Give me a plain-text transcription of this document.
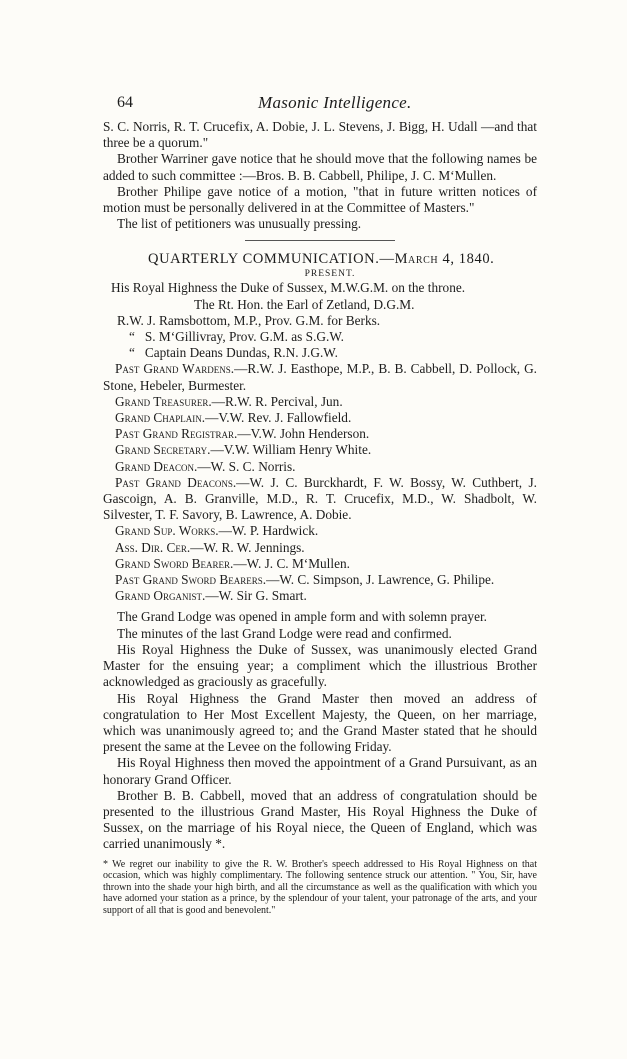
64	Masonic Intelligence.

S. C. Norris, R. T. Crucefix, A. Dobie, J. L. Stevens, J. Bigg, H. Udall —and that three be a quorum."

Brother Warriner gave notice that he should move that the following names be added to such committee :—Bros. B. B. Cabbell, Philipe, J. C. M‘Mullen.

Brother Philipe gave notice of a motion, "that in future written notices of motion must be personally delivered in at the Committee of Masters."

The list of petitioners was unusually pressing.

QUARTERLY COMMUNICATION.—March 4, 1840.
PRESENT.

His Royal Highness the Duke of Sussex, M.W.G.M. on the throne.

The Rt. Hon. the Earl of Zetland, D.G.M.

R.W. J. Ramsbottom, M.P., Prov. G.M. for Berks.

“ S. M‘Gillivray, Prov. G.M. as S.G.W.

“ Captain Deans Dundas, R.N. J.G.W.

Past Grand Wardens.—R.W. J. Easthope, M.P., B. B. Cabbell, D. Pollock, G. Stone, Hebeler, Burmester.

Grand Treasurer.—R.W. R. Percival, Jun.

Grand Chaplain.—V.W. Rev. J. Fallowfield.

Past Grand Registrar.—V.W. John Henderson.

Grand Secretary.—V.W. William Henry White.

Grand Deacon.—W. S. C. Norris.

Past Grand Deacons.—W. J. C. Burckhardt, F. W. Bossy, W. Cuthbert, J. Gascoign, A. B. Granville, M.D., R. T. Crucefix, M.D., W. Shadbolt, W. Silvester, T. F. Savory, B. Lawrence, A. Dobie.

Grand Sup. Works.—W. P. Hardwick.

Ass. Dir. Cer.—W. R. W. Jennings.

Grand Sword Bearer.—W. J. C. M‘Mullen.

Past Grand Sword Bearers.—W. C. Simpson, J. Lawrence, G. Philipe.

Grand Organist.—W. Sir G. Smart.

The Grand Lodge was opened in ample form and with solemn prayer.

The minutes of the last Grand Lodge were read and confirmed.

His Royal Highness the Duke of Sussex, was unanimously elected Grand Master for the ensuing year; a compliment which the illustrious Brother acknowledged as graciously as gracefully.

His Royal Highness the Grand Master then moved an address of congratulation to Her Most Excellent Majesty, the Queen, on her marriage, which was unanimously agreed to; and the Grand Master stated that he should present the same at the Levee on the following Friday.

His Royal Highness then moved the appointment of a Grand Pursuivant, as an honorary Grand Officer.

Brother B. B. Cabbell, moved that an address of congratulation should be presented to the illustrious Grand Master, His Royal Highness the Duke of Sussex, on the marriage of his Royal niece, the Queen of England, which was carried unanimously *.

* We regret our inability to give the R. W. Brother's speech addressed to His Royal Highness on that occasion, which was highly complimentary. The following sentence struck our attention. " You, Sir, have thrown into the shade your high birth, and all the circumstance as well as the qualification with which you have adorned your station as a prince, by the splendour of your talent, your patronage of the arts, and your support of all that is good and benevolent."
